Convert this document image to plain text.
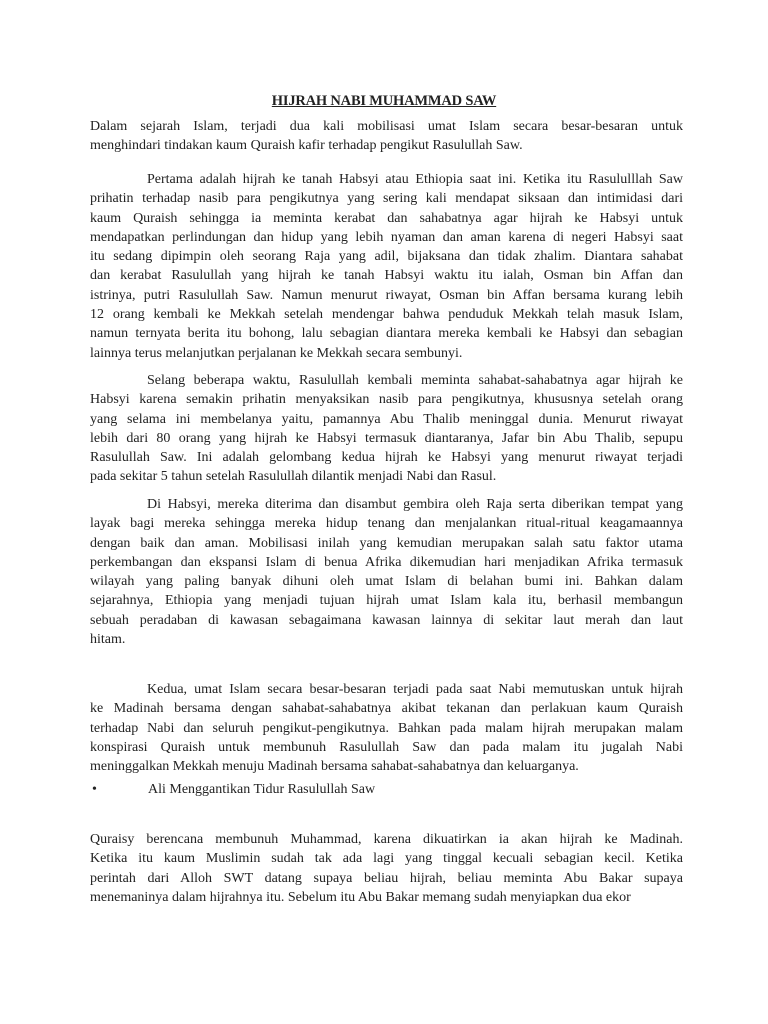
HIJRAH NABI MUHAMMAD SAW
Dalam sejarah Islam, terjadi dua kali mobilisasi umat Islam secara besar-besaran untuk
menghindari tindakan kaum Quraish kafir terhadap pengikut Rasulullah Saw.
Pertama adalah hijrah ke tanah Habsyi atau Ethiopia saat ini. Ketika itu Rasululllah Saw
prihatin terhadap nasib para pengikutnya yang sering kali mendapat siksaan dan intimidasi dari
kaum Quraish sehingga ia meminta kerabat dan sahabatnya agar hijrah ke Habsyi untuk
mendapatkan perlindungan dan hidup yang lebih nyaman dan aman karena di negeri Habsyi saat
itu sedang dipimpin oleh seorang Raja yang adil, bijaksana dan tidak zhalim. Diantara sahabat
dan kerabat Rasulullah yang hijrah ke tanah Habsyi waktu itu ialah, Osman bin Affan dan
istrinya, putri Rasulullah Saw. Namun menurut riwayat, Osman bin Affan bersama kurang lebih
12 orang kembali ke Mekkah setelah mendengar bahwa penduduk Mekkah telah masuk Islam,
namun ternyata berita itu bohong, lalu sebagian diantara mereka kembali ke Habsyi dan sebagian
lainnya terus melanjutkan perjalanan ke Mekkah secara sembunyi.
Selang beberapa waktu, Rasulullah kembali meminta sahabat-sahabatnya agar hijrah ke
Habsyi karena semakin prihatin menyaksikan nasib para pengikutnya, khususnya setelah orang
yang selama ini membelanya yaitu, pamannya Abu Thalib meninggal dunia. Menurut riwayat
lebih dari 80 orang yang hijrah ke Habsyi termasuk diantaranya, Jafar bin Abu Thalib, sepupu
Rasulullah Saw. Ini adalah gelombang kedua hijrah ke Habsyi yang menurut riwayat terjadi
pada sekitar 5 tahun setelah Rasulullah dilantik menjadi Nabi dan Rasul.
Di Habsyi, mereka diterima dan disambut gembira oleh Raja serta diberikan tempat yang
layak bagi mereka sehingga mereka hidup tenang dan menjalankan ritual-ritual keagamaannya
dengan baik dan aman. Mobilisasi inilah yang kemudian merupakan salah satu faktor utama
perkembangan dan ekspansi Islam di benua Afrika dikemudian hari menjadikan Afrika termasuk
wilayah yang paling banyak dihuni oleh umat Islam di belahan bumi ini. Bahkan dalam
sejarahnya, Ethiopia yang menjadi tujuan hijrah umat Islam kala itu, berhasil membangun
sebuah peradaban di kawasan sebagaimana kawasan lainnya di sekitar laut merah dan laut
hitam.
Kedua, umat Islam secara besar-besaran terjadi pada saat Nabi memutuskan untuk hijrah
ke Madinah bersama dengan sahabat-sahabatnya akibat tekanan dan perlakuan kaum Quraish
terhadap Nabi dan seluruh pengikut-pengikutnya. Bahkan pada malam hijrah merupakan malam
konspirasi Quraish untuk membunuh Rasulullah Saw dan pada malam itu jugalah Nabi
meninggalkan Mekkah menuju Madinah bersama sahabat-sahabatnya dan keluarganya.
•	Ali Menggantikan Tidur Rasulullah Saw
Quraisy berencana membunuh Muhammad, karena dikuatirkan ia akan hijrah ke Madinah.
Ketika itu kaum Muslimin sudah tak ada lagi yang tinggal kecuali sebagian kecil. Ketika
perintah dari Alloh SWT datang supaya beliau hijrah, beliau meminta Abu Bakar supaya
menemaninya dalam hijrahnya itu. Sebelum itu Abu Bakar memang sudah menyiapkan dua ekor
